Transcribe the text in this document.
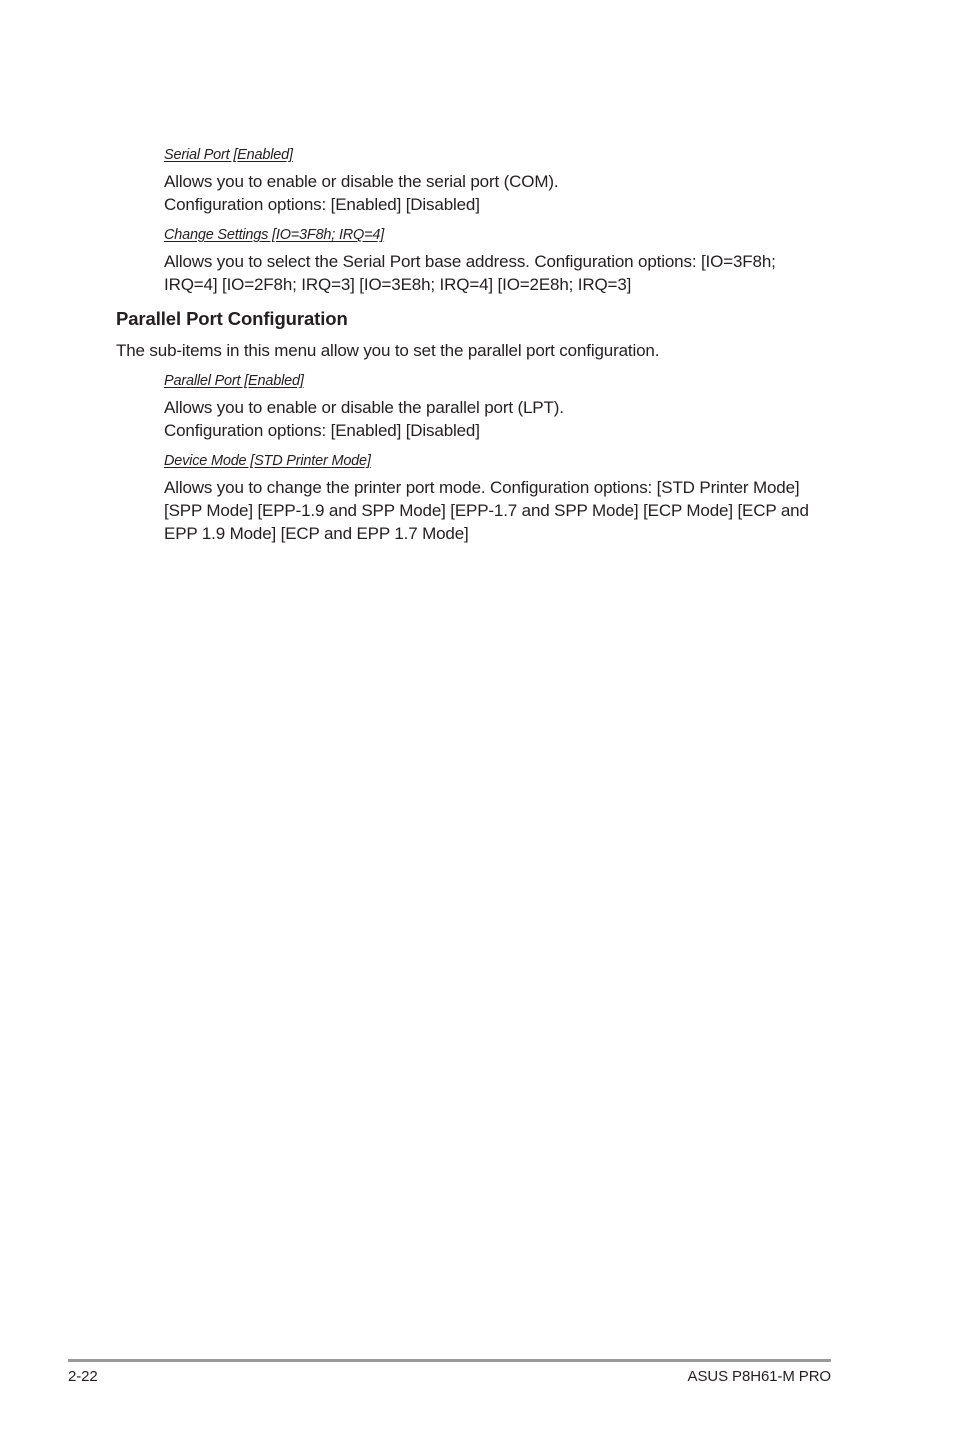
Serial Port [Enabled]
Allows you to enable or disable the serial port (COM).
Configuration options: [Enabled] [Disabled]
Change Settings [IO=3F8h; IRQ=4]
Allows you to select the Serial Port base address. Configuration options: [IO=3F8h;
IRQ=4] [IO=2F8h; IRQ=3] [IO=3E8h; IRQ=4] [IO=2E8h; IRQ=3]
Parallel Port Configuration
The sub-items in this menu allow you to set the parallel port configuration.
Parallel Port [Enabled]
Allows you to enable or disable the parallel port (LPT).
Configuration options: [Enabled] [Disabled]
Device Mode [STD Printer Mode]
Allows you to change the printer port mode. Configuration options: [STD Printer Mode]
[SPP Mode] [EPP-1.9 and SPP Mode] [EPP-1.7 and SPP Mode] [ECP Mode] [ECP and
EPP 1.9 Mode] [ECP and EPP 1.7 Mode]
2-22	ASUS P8H61-M PRO
